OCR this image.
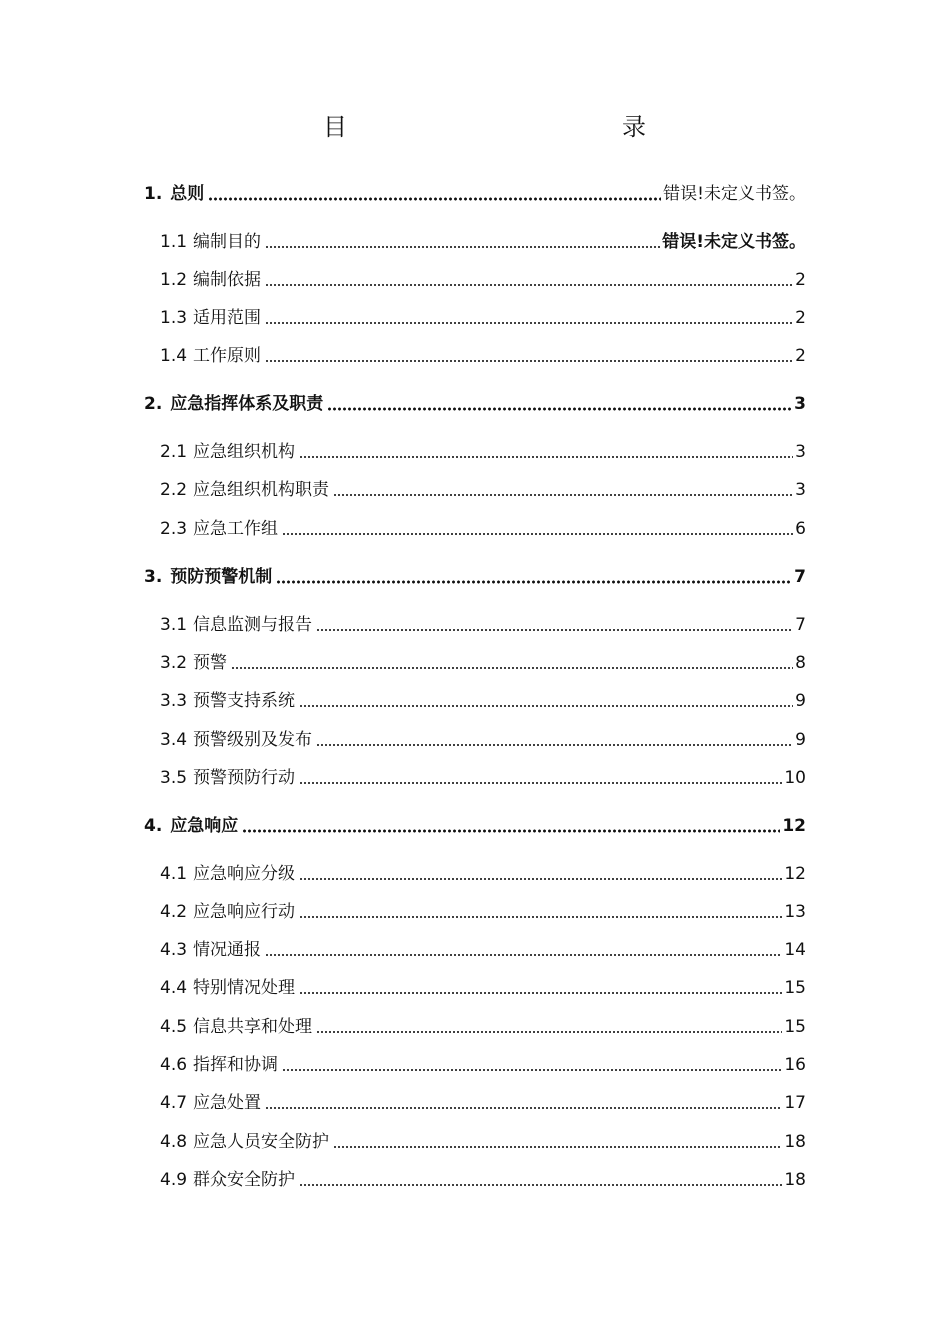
目	录
1. 总则	错误!未定义书签。
1.1 编制目的	错误!未定义书签。
1.2 编制依据	2
1.3 适用范围	2
1.4 工作原则	2
2. 应急指挥体系及职责	3
2.1 应急组织机构	3
2.2 应急组织机构职责	3
2.3 应急工作组	6
3. 预防预警机制	7
3.1 信息监测与报告	7
3.2 预警	8
3.3 预警支持系统	9
3.4 预警级别及发布	9
3.5 预警预防行动	10
4. 应急响应	12
4.1 应急响应分级	12
4.2 应急响应行动	13
4.3 情况通报	14
4.4 特别情况处理	15
4.5 信息共享和处理	15
4.6 指挥和协调	16
4.7 应急处置	17
4.8 应急人员安全防护	18
4.9 群众安全防护	18
